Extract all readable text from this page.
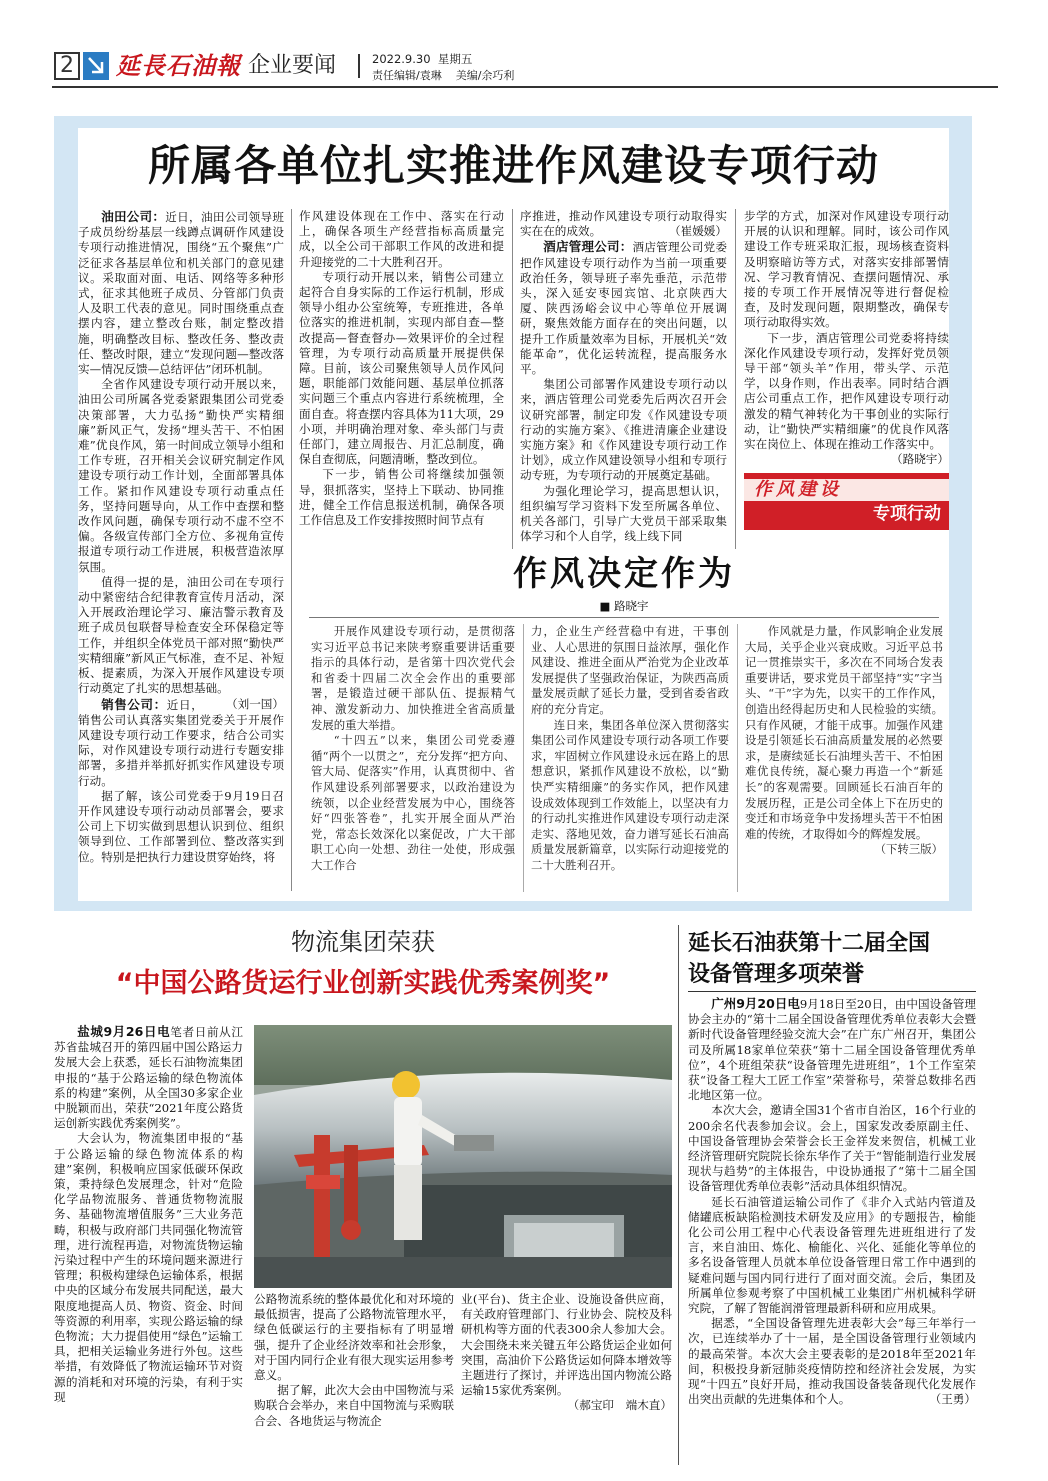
2 延長石油報 企业要闻	2022.9.30 星期五
责任编辑/袁琳    美编/余巧利
所属各单位扎实推进作风建设专项行动

油田公司：近日，油田公司领导班子成员纷纷基层一线蹲点调研作风建设专项行动推进情况，围绕“五个聚焦”广泛征求各基层单位和机关部门的意见建议。采取面对面、电话、网络等多种形式，征求其他班子成员、分管部门负责人及职工代表的意见。同时围绕重点查摆内容，建立整改台账，制定整改措施，明确整改目标、整改任务、整改责任、整改时限，建立“发现问题—整改落实—情况反馈—总结评估”闭环机制。

全省作风建设专项行动开展以来，油田公司所属各党委紧跟集团公司党委决策部署，大力弘扬“勤快严实精细廉”新风正气，发扬“埋头苦干、不怕困难”优良作风，第一时间成立领导小组和工作专班，召开相关会议研究制定作风建设专项行动工作计划，全面部署具体工作。紧扣作风建设专项行动重点任务，坚持问题导向，从工作中查摆和整改作风问题，确保专项行动不虚不空不偏。各级宣传部门全方位、多视角宣传报道专项行动工作进展，积极营造浓厚氛围。

值得一提的是，油田公司在专项行动中紧密结合纪律教育宣传月活动，深入开展政治理论学习、廉洁警示教育及班子成员包联督导检查安全环保稳定等工作，并组织全体党员干部对照“勤快严实精细廉”新风正气标准，查不足、补短板、提素质，为深入开展作风建设专项行动奠定了扎实的思想基础。
（刘一国）

销售公司：近日，销售公司认真落实集团党委关于开展作风建设专项行动工作要求，结合公司实际，对作风建设专项行动进行专题安排部署，多措并举抓好抓实作风建设专项行动。

据了解，该公司党委于9月19日召开作风建设专项行动动员部署会，要求公司上下切实做到思想认识到位、组织领导到位、工作部署到位、整改落实到位。特别是把执行力建设贯穿始终，将

作风建设体现在工作中、落实在行动上，确保各项生产经营指标高质量完成，以全公司干部职工作风的改进和提升迎接党的二十大胜利召开。

专项行动开展以来，销售公司建立起符合自身实际的工作运行机制，形成领导小组办公室统筹，专班推进，各单位落实的推进机制，实现内部自查—整改提高—督查督办—效果评价的全过程管理，为专项行动高质量开展提供保障。目前，该公司聚焦领导人员作风问题，职能部门效能问题、基层单位抓落实问题三个重点内容进行系统梳理，全面自查。将查摆内容具体为11大项，29小项，并明确治理对象、牵头部门与责任部门，建立周报告、月汇总制度，确保自查彻底，问题清晰，整改到位。

下一步，销售公司将继续加强领导，狠抓落实，坚持上下联动、协同推进，健全工作信息报送机制，确保各项工作信息及工作安排按照时间节点有

序推进，推动作风建设专项行动取得实实在在的成效。	（崔媛媛）

酒店管理公司：酒店管理公司党委把作风建设专项行动作为当前一项重要政治任务，领导班子率先垂范，示范带头，深入延安枣园宾馆、北京陕西大厦、陕西汤峪会议中心等单位开展调研，聚焦效能方面存在的突出问题，以提升工作质量效率为目标，开展机关“效能革命”，优化运转流程，提高服务水平。

集团公司部署作风建设专项行动以来，酒店管理公司党委先后两次召开会议研究部署，制定印发《作风建设专项行动的实施方案》、《推进清廉企业建设实施方案》和《作风建设专项行动工作计划》，成立作风建设领导小组和专项行动专班，为专项行动的开展奠定基础。

为强化理论学习，提高思想认识，组织编写学习资料下发至所属各单位、机关各部门，引导广大党员干部采取集体学习和个人自学，线上线下同

步学的方式，加深对作风建设专项行动开展的认识和理解。同时，该公司作风建设工作专班采取汇报，现场核查资料及明察暗访等方式，对落实安排部署情况、学习教育情况、查摆问题情况、承接的专项工作开展情况等进行督促检查，及时发现问题，限期整改，确保专项行动取得实效。

下一步，酒店管理公司党委将持续深化作风建设专项行动，发挥好党员领导干部“领头羊”作用，带头学、示范学，以身作则，作出表率。同时结合酒店公司重点工作，把作风建设专项行动激发的精气神转化为干事创业的实际行动，让“勤快严实精细廉”的优良作风落实在岗位上、体现在推动工作落实中。
（路晓宇）

作风建设
专项行动
作风决定作为
■ 路晓宇

开展作风建设专项行动，是贯彻落实习近平总书记来陕考察重要讲话重要指示的具体行动，是省第十四次党代会和省委十四届二次全会作出的重要部署，是锻造过硬干部队伍、提振精气神、激发新动力、加快推进全省高质量发展的重大举措。

“十四五”以来，集团公司党委遵循“两个一以贯之”，充分发挥“把方向、管大局、促落实”作用，认真贯彻中、省作风建设系列部署要求，以政治建设为统领，以企业经营发展为中心，围绕答好“四张答卷”，扎实开展全面从严治党，常态长效深化以案促改，广大干部职工心向一处想、劲往一处使，形成强大工作合

力，企业生产经营稳中有进，干事创业、人心思进的氛围日益浓厚，强化作风建设、推进全面从严治党为企业改革发展提供了坚强政治保证，为陕西高质量发展贡献了延长力量，受到省委省政府的充分肯定。

连日来，集团各单位深入贯彻落实集团公司作风建设专项行动各项工作要求，牢固树立作风建设永远在路上的思想意识，紧抓作风建设不放松，以“勤快严实精细廉”的务实作风，把作风建设成效体现到工作效能上，以坚决有力的行动扎实推进作风建设专项行动走深走实、落地见效，奋力谱写延长石油高质量发展新篇章，以实际行动迎接党的二十大胜利召开。

作风就是力量，作风影响企业发展大局，关乎企业兴衰成败。习近平总书记一贯推崇实干，多次在不同场合发表重要讲话，要求党员干部坚持“实”字当头、“干”字为先，以实干的工作作风，创造出经得起历史和人民检验的实绩。只有作风硬，才能干成事。加强作风建设是引领延长石油高质量发展的必然要求，是赓续延长石油埋头苦干、不怕困难优良传统，凝心聚力再造一个“新延长”的客观需要。回顾延长石油百年的发展历程，正是公司全体上下在历史的变迁和市场竞争中发扬埋头苦干不怕困难的传统，才取得如今的辉煌发展。
（下转三版）

物流集团荣获
“中国公路货运行业创新实践优秀案例奖”

盐城9月26日电笔者日前从江苏省盐城召开的第四届中国公路运力发展大会上获悉，延长石油物流集团申报的“基于公路运输的绿色物流体系的构建”案例，从全国30多家企业中脱颖而出，荣获“2021年度公路货运创新实践优秀案例奖”。

大会认为，物流集团申报的“基于公路运输的绿色物流体系的构建”案例，积极响应国家低碳环保政策，秉持绿色发展理念，针对“危险化学品物流服务、普通货物物流服务、基础物流增值服务”三大业务范畴，积极与政府部门共同强化物流管理，进行流程再造，对物流货物运输污染过程中产生的环境问题来源进行管理；积极构建绿色运输体系，根据中央的区域分布发展共同配送，最大限度地提高人员、物资、资金、时间等资源的利用率，实现公路运输的绿色物流；大力提倡使用“绿色”运输工具，把相关运输业务进行外包。这些举措，有效降低了物流运输环节对资源的消耗和对环境的污染，有利于实现

公路物流系统的整体最优化和对环境的最低损害，提高了公路物流管理水平，绿色低碳运行的主要指标有了明显增强，提升了企业经济效率和社会形象，对于国内同行企业有很大现实运用参考意义。

据了解，此次大会由中国物流与采购联合会举办，来自中国物流与采购联合会、各地货运与物流企

业(平台)、货主企业、设施设备供应商，有关政府管理部门、行业协会、院校及科研机构等方面的代表300余人参加大会。大会围绕未来关键五年公路货运企业如何突围，高油价下公路货运如何降本增效等主题进行了探讨，并评选出国内物流公路运输15家优秀案例。
（郝宝印　端木直）

延长石油获第十二届全国
设备管理多项荣誉

广州9月20日电9月18日至20日，由中国设备管理协会主办的“第十二届全国设备管理优秀单位表彰大会暨新时代设备管理经验交流大会”在广东广州召开，集团公司及所属18家单位荣获“第十二届全国设备管理优秀单位”，4个班组荣获“设备管理先进班组”，1个工作室荣获“设备工程大工匠工作室”荣誉称号，荣誉总数排名西北地区第一位。

本次大会，邀请全国31个省市自治区，16个行业的200余名代表参加会议。会上，国家发改委原副主任、中国设备管理协会荣誉会长王金祥发来贺信，机械工业经济管理研究院院长徐东华作了关于“智能制造行业发展现状与趋势”的主体报告，中设协通报了“第十二届全国设备管理优秀单位表彰”活动具体组织情况。

延长石油管道运输公司作了《非介入式站内管道及储罐底板缺陷检测技术研发及应用》的专题报告，榆能化公司公用工程中心代表设备管理先进班组进行了发言，来自油田、炼化、榆能化、兴化、延能化等单位的多名设备管理人员就本单位设备管理日常工作中遇到的疑难问题与国内同行进行了面对面交流。会后，集团及所属单位参观考察了中国机械工业集团广州机械科学研究院，了解了智能润滑管理最新科研和应用成果。

据悉，“全国设备管理先进表彰大会”每三年举行一次，已连续举办了十一届，是全国设备管理行业领域内的最高荣誉。本次大会主要表彰的是2018年至2021年间，积极投身新冠肺炎疫情防控和经济社会发展，为实现“十四五”良好开局，推动我国设备装备现代化发展作出突出贡献的先进集体和个人。	（王勇）
